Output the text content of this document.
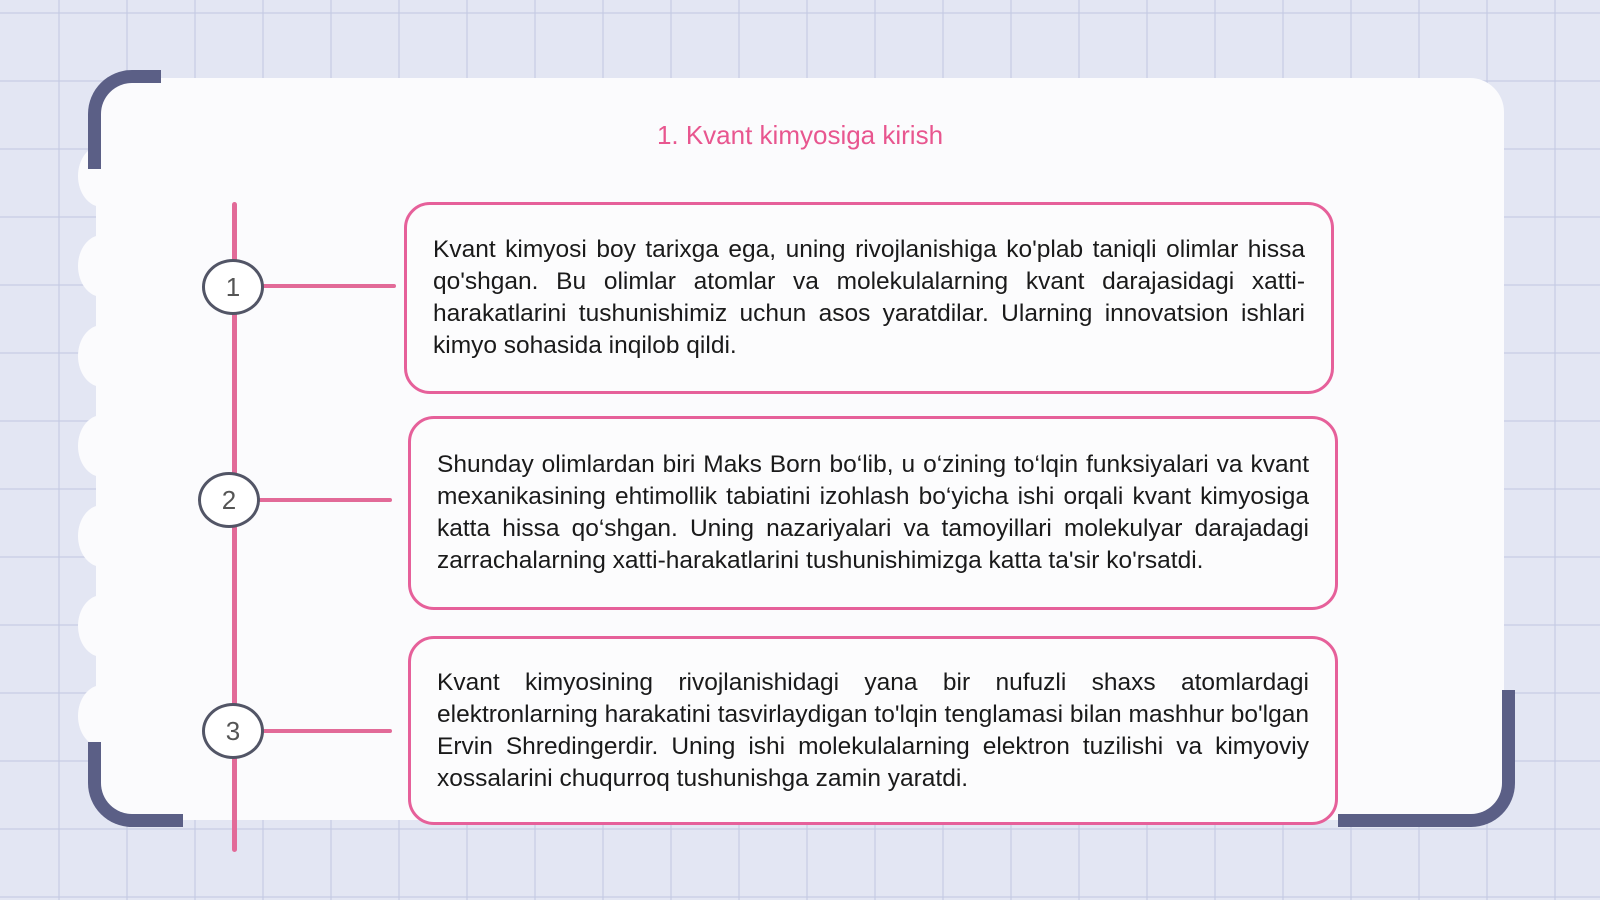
1. Kvant kimyosiga kirish
1
2
3

Kvant kimyosi boy tarixga ega, uning rivojlanishiga ko'plab taniqli olimlar hissa qo'shgan. Bu olimlar atomlar va molekulalarning kvant darajasidagi xatti-harakatlarini tushunishimiz uchun asos yaratdilar. Ularning innovatsion ishlari kimyo sohasida inqilob qildi.

Shunday olimlardan biri Maks Born bo‘lib, u o‘zining to‘lqin funksiyalari va kvant mexanikasining ehtimollik tabiatini izohlash bo‘yicha ishi orqali kvant kimyosiga katta hissa qo‘shgan. Uning nazariyalari va tamoyillari molekulyar darajadagi zarrachalarning xatti-harakatlarini tushunishimizga katta ta'sir ko'rsatdi.

Kvant kimyosining rivojlanishidagi yana bir nufuzli shaxs atomlardagi elektronlarning harakatini tasvirlaydigan to'lqin tenglamasi bilan mashhur bo'lgan Ervin Shredingerdir. Uning ishi molekulalarning elektron tuzilishi va kimyoviy xossalarini chuqurroq tushunishga zamin yaratdi.
